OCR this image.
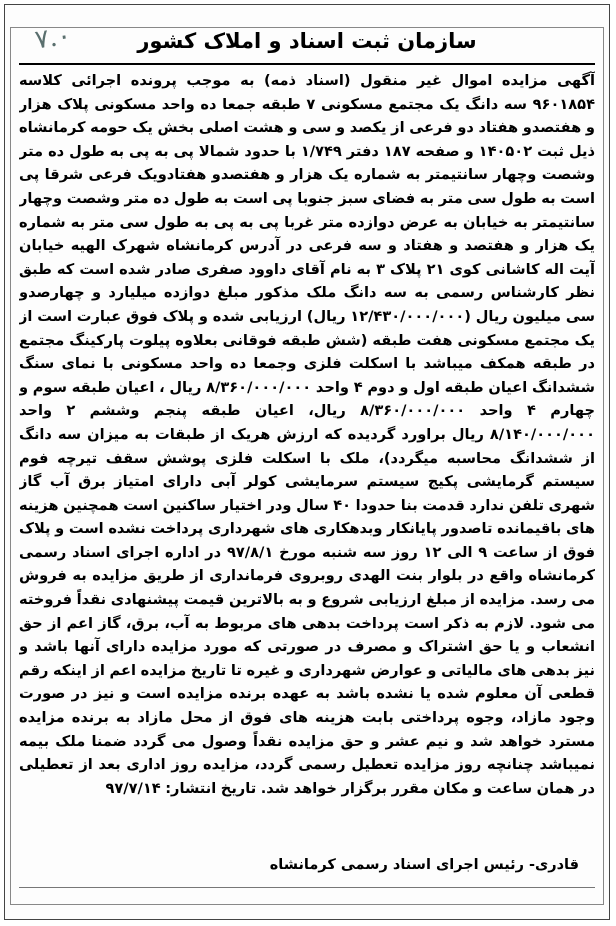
۷.۰	سازمان ثبت اسناد و املاک کشور
آگهی مزایده اموال غیر منقول (اسناد ذمه) به موجب پرونده اجرائی کلاسه ۹۶۰۱۸۵۴ سه دانگ یک مجتمع مسکونی ۷ طبقه جمعا ده واحد مسکونی پلاک هزار و هفتصدو هفتاد دو فرعی از یکصد و سی و هشت اصلی بخش یک حومه کرمانشاه ذیل ثبت ۱۴۰۵۰۲ و صفحه ۱۸۷ دفتر ۱/۷۴۹ با حدود شمالا پی به پی به طول ده متر وشصت وچهار سانتیمتر به شماره یک هزار و هفتصدو هفتادویک فرعی شرقا پی است به طول سی متر به فضای سبز جنوبا پی است به طول ده متر وشصت وچهار سانتیمتر به خیابان به عرض دوازده متر غربا پی به پی به طول سی متر به شماره یک هزار و هفتصد و هفتاد و سه فرعی در آدرس کرمانشاه شهرک الهیه خیابان آیت اله کاشانی کوی ۲۱ پلاک ۳ به نام آقای داوود صفری صادر شده است که طبق نظر کارشناس رسمی به سه دانگ ملک مذکور مبلغ دوازده میلیارد و چهارصدو سی میلیون ریال (۱۲/۴۳۰/۰۰۰/۰۰۰ ریال) ارزیابی شده و پلاک فوق عبارت است از یک مجتمع مسکونی هفت طبقه (شش طبقه فوقانی بعلاوه پیلوت پارکینگ مجتمع در طبقه همکف میباشد با اسکلت فلزی وجمعا ده واحد مسکونی با نمای سنگ ششدانگ اعیان طبقه اول و دوم ۴ واحد ۸/۳۶۰/۰۰۰/۰۰۰ ریال ، اعیان طبقه سوم و چهارم ۴ واحد ۸/۳۶۰/۰۰۰/۰۰۰ ریال، اعیان طبقه پنجم وششم ۲ واحد ۸/۱۴۰/۰۰۰/۰۰۰ ریال براورد گردیده که ارزش هریک از طبقات به میزان سه دانگ از ششدانگ محاسبه میگردد)، ملک با اسکلت فلزی پوشش سقف تیرچه فوم سیستم گرمایشی پکیج سیستم سرمایشی کولر آبی دارای امتیاز برق آب گاز شهری تلفن ندارد قدمت بنا حدودا ۴۰ سال ودر اختیار ساکنین است همچنین هزینه های باقیمانده تاصدور پایانکار وبدهکاری های شهرداری پرداخت نشده است و پلاک فوق از ساعت ۹ الی ۱۲ روز سه شنبه مورخ ۹۷/۸/۱ در اداره اجرای اسناد رسمی کرمانشاه واقع در بلوار بنت الهدی روبروی فرمانداری از طریق مزایده به فروش می رسد. مزایده از مبلغ ارزیابی شروع و به بالاترین قیمت پیشنهادی نقداً فروخته می شود. لازم به ذکر است پرداخت بدهی های مربوط به آب، برق، گاز اعم از حق انشعاب و یا حق اشتراک و مصرف در صورتی که مورد مزایده دارای آنها باشد و نیز بدهی های مالیاتی و عوارض شهرداری و غیره تا تاریخ مزایده اعم از اینکه رقم قطعی آن معلوم شده یا نشده باشد به عهده برنده مزایده است و نیز در صورت وجود مازاد، وجوه پرداختی بابت هزینه های فوق از محل مازاد به برنده مزایده مسترد خواهد شد و نیم عشر و حق مزایده نقداً وصول می گردد ضمنا ملک بیمه نمیباشد چنانچه روز مزایده تعطیل رسمی گردد، مزایده روز اداری بعد از تعطیلی در همان ساعت و مکان مقرر برگزار خواهد شد. تاریخ انتشار: ۹۷/۷/۱۴
قادری- رئیس اجرای اسناد رسمی کرمانشاه
